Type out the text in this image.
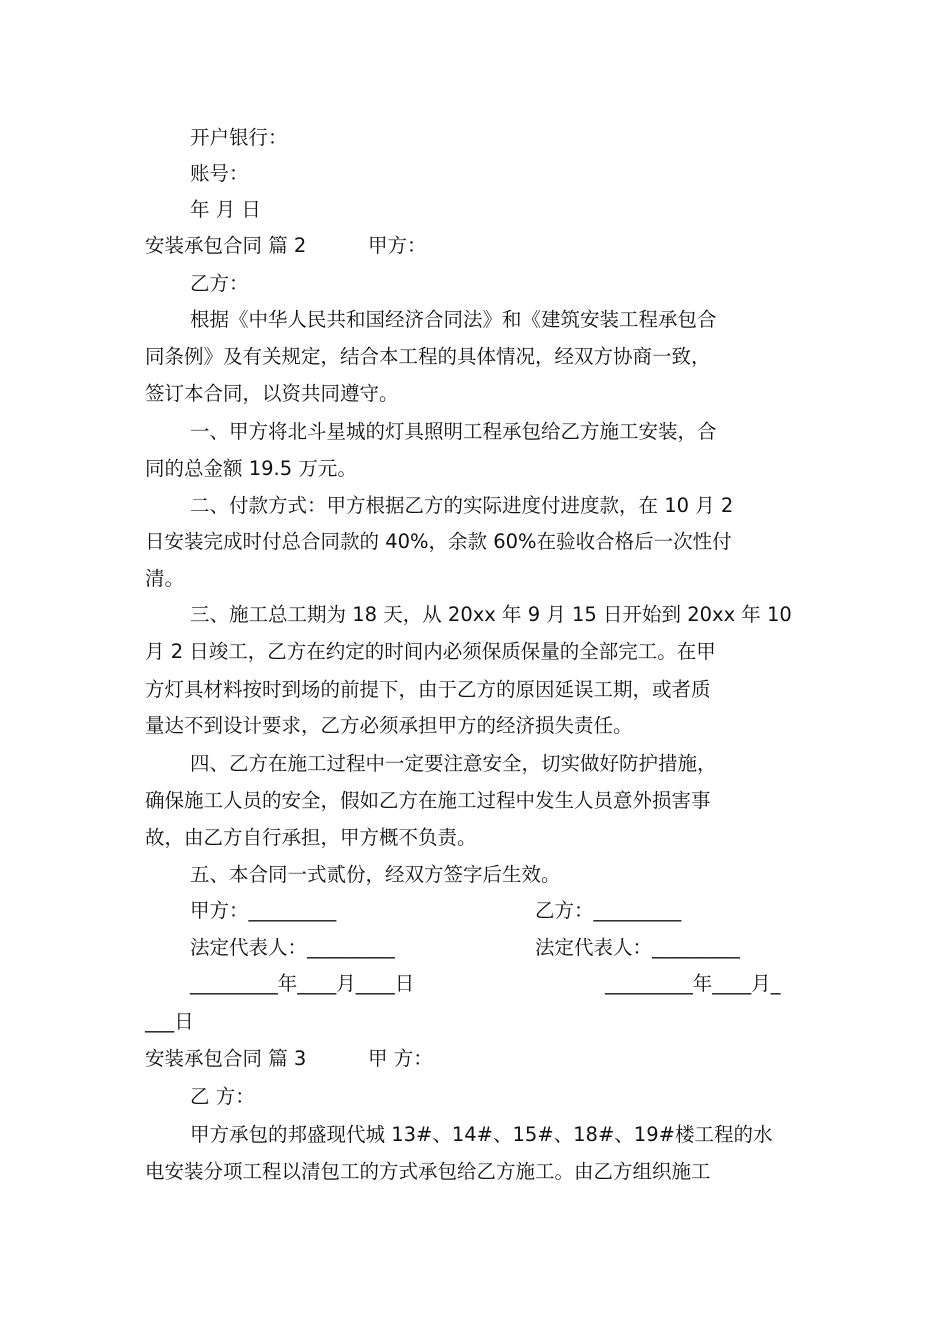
开户银行：
账号：
年 月 日
安装承包合同 篇 2	甲方：
乙方：
根据《中华人民共和国经济合同法》和《建筑安装工程承包合
同条例》及有关规定，结合本工程的具体情况，经双方协商一致，
签订本合同，以资共同遵守。
一、甲方将北斗星城的灯具照明工程承包给乙方施工安装，合
同的总金额 19.5 万元。
二、付款方式：甲方根据乙方的实际进度付进度款，在 10 月 2
日安装完成时付总合同款的 40%，余款 60%在验收合格后一次性付
清。
三、施工总工期为 18 天，从 20xx 年 9 月 15 日开始到 20xx 年 10
月 2 日竣工，乙方在约定的时间内必须保质保量的全部完工。在甲
方灯具材料按时到场的前提下，由于乙方的原因延误工期，或者质
量达不到设计要求，乙方必须承担甲方的经济损失责任。
四、乙方在施工过程中一定要注意安全，切实做好防护措施，
确保施工人员的安全，假如乙方在施工过程中发生人员意外损害事
故，由乙方自行承担，甲方概不负责。
五、本合同一式贰份，经双方签字后生效。
甲方：_________	乙方：_________
法定代表人：_________	法定代表人：_________
_________年____月____日	_________年____月_
___日
安装承包合同 篇 3	甲 方：
乙 方：
甲方承包的邦盛现代城 13#、14#、15#、18#、19#楼工程的水
电安装分项工程以清包工的方式承包给乙方施工。由乙方组织施工
